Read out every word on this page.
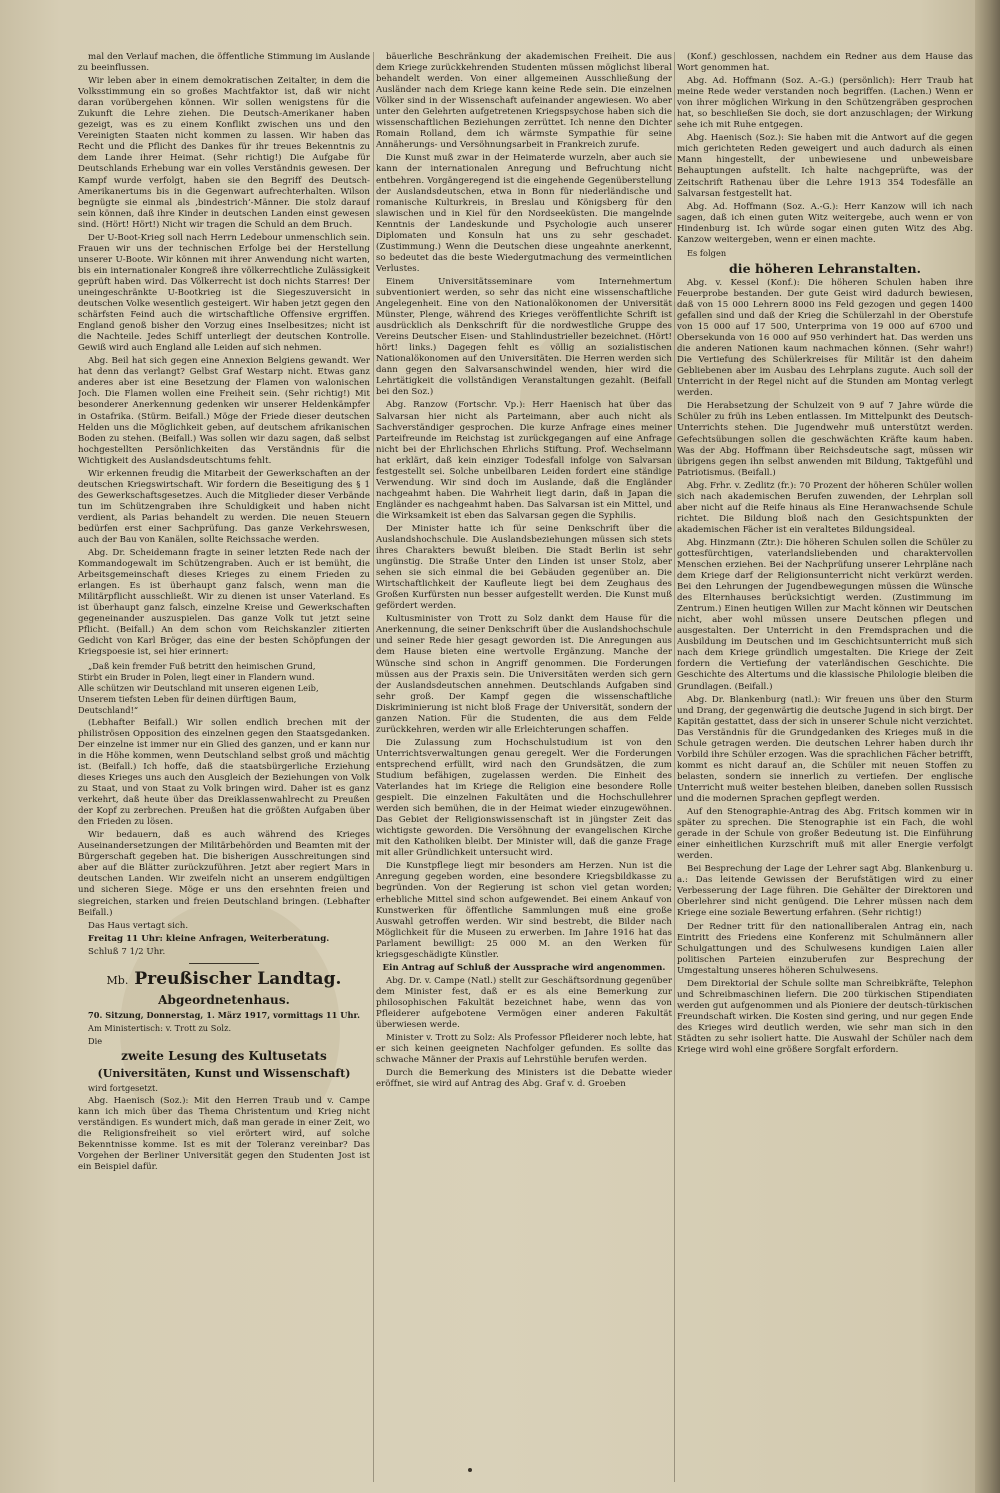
mal den Verlauf machen, die öffentliche Stimmung im Auslande zu beeinflussen.

Wir leben aber in einem demokratischen Zeitalter, in dem die Volksstimmung ein so großes Machtfaktor ist, daß wir nicht daran vorübergehen können. Wir sollen wenigstens für die Zukunft die Lehre ziehen. Die Deutsch-Amerikaner haben gezeigt, was es zu einem Konflikt zwischen uns und den Vereinigten Staaten nicht kommen zu lassen. Wir haben das Recht und die Pflicht des Dankes für ihr treues Bekenntnis zu dem Lande ihrer Heimat. (Sehr richtig!) Die Aufgabe für Deutschlands Erhebung war ein volles Verständnis gewesen. Der Kampf wurde verfolgt, haben sie den Begriff des Deutsch-Amerikanertums bis in die Gegenwart aufrechterhalten. Wilson begnügte sie einmal als ‚bindestrich‘-Männer. Die stolz darauf sein können, daß ihre Kinder in deutschen Landen einst gewesen sind. (Hört! Hört!) Nicht wir tragen die Schuld an dem Bruch.

Der U-Boot-Krieg soll nach Herrn Ledebour unmenschlich sein. Frauen wir uns der technischen Erfolge bei der Herstellung unserer U-Boote. Wir können mit ihrer Anwendung nicht warten, bis ein internationaler Kongreß ihre völkerrechtliche Zulässigkeit geprüft haben wird. Das Völkerrecht ist doch nichts Starres! Der uneingeschränkte U-Bootkrieg ist die Siegeszuversicht in deutschen Volke wesentlich gesteigert. Wir haben jetzt gegen den schärfsten Feind auch die wirtschaftliche Offensive ergriffen. England genoß bisher den Vorzug eines Inselbesitzes; nicht ist die Nachteile. Jedes Schiff unterliegt der deutschen Kontrolle. Gewiß wird auch England alle Leiden auf sich nehmen.

Abg. Beil hat sich gegen eine Annexion Belgiens gewandt. Wer hat denn das verlangt? Gelbst Graf Westarp nicht. Etwas ganz anderes aber ist eine Besetzung der Flamen von walonischen Joch. Die Flamen wollen eine Freiheit sein. (Sehr richtig!) Mit besonderer Anerkennung gedenken wir unserer Heldenkämpfer in Ostafrika. (Stürm. Beifall.) Möge der Friede dieser deutschen Helden uns die Möglichkeit geben, auf deutschem afrikanischen Boden zu stehen. (Beifall.) Was sollen wir dazu sagen, daß selbst hochgestellten Persönlichkeiten das Verständnis für die Wichtigkeit des Auslandsdeutschtums fehlt.

Wir erkennen freudig die Mitarbeit der Gewerkschaften an der deutschen Kriegswirtschaft. Wir fordern die Beseitigung des § 1 des Gewerkschaftsgesetzes. Auch die Mitglieder dieser Verbände tun im Schützengraben ihre Schuldigkeit und haben nicht verdient, als Parias behandelt zu werden. Die neuen Steuern bedürfen erst einer Sachprüfung. Das ganze Verkehrswesen, auch der Bau von Kanälen, sollte Reichssache werden.

Abg. Dr. Scheidemann fragte in seiner letzten Rede nach der Kommandogewalt im Schützengraben. Auch er ist bemüht, die Arbeitsgemeinschaft dieses Krieges zu einem Frieden zu erlangen. Es ist überhaupt ganz falsch, wenn man die Militärpflicht ausschließt. Wir zu dienen ist unser Vaterland. Es ist überhaupt ganz falsch, einzelne Kreise und Gewerkschaften gegeneinander auszuspielen. Das ganze Volk tut jetzt seine Pflicht. (Beifall.) An dem schon vom Reichskanzler zitierten Gedicht von Karl Bröger, das eine der besten Schöpfungen der Kriegspoesie ist, sei hier erinnert:

„Daß kein fremder Fuß betritt den heimischen Grund,
Stirbt ein Bruder in Polen, liegt einer in Flandern wund.
Alle schützen wir Deutschland mit unseren eigenen Leib,
Unserem tiefsten Leben für deinen dürftigen Baum,
Deutschland!“

(Lebhafter Beifall.) Wir sollen endlich brechen mit der philiströsen Opposition des einzelnen gegen den Staatsgedanken. Der einzelne ist immer nur ein Glied des ganzen, und er kann nur in die Höhe kommen, wenn Deutschland selbst groß und mächtig ist. (Beifall.) Ich hoffe, daß die staatsbürgerliche Erziehung dieses Krieges uns auch den Ausgleich der Beziehungen von Volk zu Staat, und von Staat zu Volk bringen wird. Daher ist es ganz verkehrt, daß heute über das Dreiklassenwahlrecht zu Preußen der Kopf zu zerbrechen. Preußen hat die größten Aufgaben über den Frieden zu lösen.

Wir bedauern, daß es auch während des Krieges Auseinandersetzungen der Militärbehörden und Beamten mit der Bürgerschaft gegeben hat. Die bisherigen Ausschreitungen sind aber auf die Blätter zurückzuführen. Jetzt aber regiert Mars in deutschen Landen. Wir zweifeln nicht an unserem endgültigen und sicheren Siege. Möge er uns den ersehnten freien und siegreichen, starken und freien Deutschland bringen. (Lebhafter Beifall.)

Das Haus vertagt sich.

Freitag 11 Uhr: kleine Anfragen, Weiterberatung.

Schluß 7 1/2 Uhr.

Mb. Preußischer Landtag.

Abgeordnetenhaus.

70. Sitzung, Donnerstag, 1. März 1917, vormittags 11 Uhr.

Am Ministertisch: v. Trott zu Solz.

Die

zweite Lesung des Kultusetats

(Universitäten, Kunst und Wissenschaft)

wird fortgesetzt.

Abg. Haenisch (Soz.): Mit den Herren Traub und v. Campe kann ich mich über das Thema Christentum und Krieg nicht verständigen. Es wundert mich, daß man gerade in einer Zeit, wo die Religionsfreiheit so viel erörtert wird, auf solche Bekenntnisse komme. Ist es mit der Toleranz vereinbar? Das Vorgehen der Berliner Universität gegen den Studenten Jost ist ein Beispiel dafür.

bäuerliche Beschränkung der akademischen Freiheit. Die aus dem Kriege zurückkehrenden Studenten müssen möglichst liberal behandelt werden. Von einer allgemeinen Ausschließung der Ausländer nach dem Kriege kann keine Rede sein. Die einzelnen Völker sind in der Wissenschaft aufeinander angewiesen. Wo aber unter den Gelehrten aufgetretenen Kriegspsychose haben sich die wissenschaftlichen Beziehungen zerrüttet. Ich nenne den Dichter Romain Rolland, dem ich wärmste Sympathie für seine Annäherungs- und Versöhnungsarbeit in Frankreich zurufe.

Die Kunst muß zwar in der Heimaterde wurzeln, aber auch sie kann der internationalen Anregung und Befruchtung nicht entbehren. Vorgängeregend ist die eingehende Gegenüberstellung der Auslandsdeutschen, etwa in Bonn für niederländische und romanische Kulturkreis, in Breslau und Königsberg für den slawischen und in Kiel für den Nordseeküsten. Die mangelnde Kenntnis der Landeskunde und Psychologie auch unserer Diplomaten und Konsuln hat uns zu sehr geschadet. (Zustimmung.) Wenn die Deutschen diese ungeahnte anerkennt, so bedeutet das die beste Wiedergutmachung des vermeintlichen Verlustes.

Einem Universitätsseminare vom Internehmertum subventioniert werden, so sehr das nicht eine wissenschaftliche Angelegenheit. Eine von den Nationalökonomen der Universität Münster, Plenge, während des Krieges veröffentlichte Schrift ist ausdrücklich als Denkschrift für die nordwestliche Gruppe des Vereins Deutscher Eisen- und Stahlindustrieller bezeichnet. (Hört! hört! links.) Dagegen fehlt es völlig an sozialistischen Nationalökonomen auf den Universitäten. Die Herren werden sich dann gegen den Salvarsanschwindel wenden, hier wird die Lehrtätigkeit die vollständigen Veranstaltungen gezahlt. (Beifall bei den Soz.)

Abg. Ranzow (Fortschr. Vp.): Herr Haenisch hat über das Salvarsan hier nicht als Parteimann, aber auch nicht als Sachverständiger gesprochen. Die kurze Anfrage eines meiner Parteifreunde im Reichstag ist zurückgegangen auf eine Anfrage nicht bei der Ehrlichschen Ehrlichs Stiftung. Prof. Wechselmann hat erklärt, daß kein einziger Todesfall infolge von Salvarsan festgestellt sei. Solche unbeilbaren Leiden fordert eine ständige Verwendung. Wir sind doch im Auslande, daß die Engländer nachgeahmt haben. Die Wahrheit liegt darin, daß in Japan die Engländer es nachgeahmt haben. Das Salvarsan ist ein Mittel, und die Wirksamkeit ist eben das Salvarsan gegen die Syphilis.

Der Minister hatte ich für seine Denkschrift über die Auslandshochschule. Die Auslandsbeziehungen müssen sich stets ihres Charakters bewußt bleiben. Die Stadt Berlin ist sehr ungünstig. Die Straße Unter den Linden ist unser Stolz, aber sehen sie sich einmal die bei Gebäuden gegenüber an. Die Wirtschaftlichkeit der Kaufleute liegt bei dem Zeughaus des Großen Kurfürsten nun besser aufgestellt werden. Die Kunst muß gefördert werden.

Kultusminister von Trott zu Solz dankt dem Hause für die Anerkennung, die seiner Denkschrift über die Auslandshochschule und seiner Rede hier gesagt geworden ist. Die Anregungen aus dem Hause bieten eine wertvolle Ergänzung. Manche der Wünsche sind schon in Angriff genommen. Die Forderungen müssen aus der Praxis sein. Die Universitäten werden sich gern der Auslandsdeutschen annehmen. Deutschlands Aufgaben sind sehr groß. Der Kampf gegen die wissenschaftliche Diskriminierung ist nicht bloß Frage der Universität, sondern der ganzen Nation. Für die Studenten, die aus dem Felde zurückkehren, werden wir alle Erleichterungen schaffen.

Die Zulassung zum Hochschulstudium ist von den Unterrichtsverwaltungen genau geregelt. Wer die Forderungen entsprechend erfüllt, wird nach den Grundsätzen, die zum Studium befähigen, zugelassen werden. Die Einheit des Vaterlandes hat im Kriege die Religion eine besondere Rolle gespielt. Die einzelnen Fakultäten und die Hochschullehrer werden sich bemühen, die in der Heimat wieder einzugewöhnen. Das Gebiet der Religionswissenschaft ist in jüngster Zeit das wichtigste geworden. Die Versöhnung der evangelischen Kirche mit den Katholiken bleibt. Der Minister will, daß die ganze Frage mit aller Gründlichkeit untersucht wird.

Die Kunstpflege liegt mir besonders am Herzen. Nun ist die Anregung gegeben worden, eine besondere Kriegsbildkasse zu begründen. Von der Regierung ist schon viel getan worden; erhebliche Mittel sind schon aufgewendet. Bei einem Ankauf von Kunstwerken für öffentliche Sammlungen muß eine große Auswahl getroffen werden. Wir sind bestrebt, die Bilder nach Möglichkeit für die Museen zu erwerben. Im Jahre 1916 hat das Parlament bewilligt: 25 000 M. an den Werken für kriegsgeschädigte Künstler.

Ein Antrag auf Schluß der Aussprache wird angenommen.

Abg. Dr. v. Campe (Natl.) stellt zur Geschäftsordnung gegenüber dem Minister fest, daß er es als eine Bemerkung zur philosophischen Fakultät bezeichnet habe, wenn das von Pfleiderer aufgebotene Vermögen einer anderen Fakultät überwiesen werde.

Minister v. Trott zu Solz: Als Professor Pfleiderer noch lebte, hat er sich keinen geeigneten Nachfolger gefunden. Es sollte das schwache Männer der Praxis auf Lehrstühle berufen werden.

Durch die Bemerkung des Ministers ist die Debatte wieder eröffnet, sie wird auf Antrag des Abg. Graf v. d. Groeben

(Konf.) geschlossen, nachdem ein Redner aus dem Hause das Wort genommen hat.

Abg. Ad. Hoffmann (Soz. A.-G.) (persönlich): Herr Traub hat meine Rede weder verstanden noch begriffen. (Lachen.) Wenn er von ihrer möglichen Wirkung in den Schützengräben gesprochen hat, so beschließen Sie doch, sie dort anzuschlagen; der Wirkung sehe ich mit Ruhe entgegen.

Abg. Haenisch (Soz.): Sie haben mit die Antwort auf die gegen mich gerichteten Reden geweigert und auch dadurch als einen Mann hingestellt, der unbewiesene und unbeweisbare Behauptungen aufstellt. Ich halte nachgeprüfte, was der Zeitschrift Rathenau über die Lehre 1913 354 Todesfälle an Salvarsan festgestellt hat.

Abg. Ad. Hoffmann (Soz. A.-G.): Herr Kanzow will ich nach sagen, daß ich einen guten Witz weitergebe, auch wenn er von Hindenburg ist. Ich würde sogar einen guten Witz des Abg. Kanzow weitergeben, wenn er einen machte.

Es folgen

die höheren Lehranstalten.

Abg. v. Kessel (Konf.): Die höheren Schulen haben ihre Feuerprobe bestanden. Der gute Geist wird dadurch bewiesen, daß von 15 000 Lehrern 8000 ins Feld gezogen und gegen 1400 gefallen sind und daß der Krieg die Schülerzahl in der Oberstufe von 15 000 auf 17 500, Unterprima von 19 000 auf 6700 und Obersekunda von 16 000 auf 950 verhindert hat. Das werden uns die anderen Nationen kaum nachmachen können. (Sehr wahr!) Die Vertiefung des Schülerkreises für Militär ist den daheim Gebliebenen aber im Ausbau des Lehrplans zugute. Auch soll der Unterricht in der Regel nicht auf die Stunden am Montag verlegt werden.

Die Herabsetzung der Schulzeit von 9 auf 7 Jahre würde die Schüler zu früh ins Leben entlassen. Im Mittelpunkt des Deutsch-Unterrichts stehen. Die Jugendwehr muß unterstützt werden. Gefechtsübungen sollen die geschwächten Kräfte kaum haben. Was der Abg. Hoffmann über Reichsdeutsche sagt, müssen wir übrigens gegen ihn selbst anwenden mit Bildung, Taktgefühl und Patriotismus. (Beifall.)

Abg. Frhr. v. Zedlitz (fr.): 70 Prozent der höheren Schüler wollen sich nach akademischen Berufen zuwenden, der Lehrplan soll aber nicht auf die Reife hinaus als Eine Heranwachsende Schule richtet. Die Bildung bloß nach den Gesichtspunkten der akademischen Fächer ist ein veraltetes Bildungsideal.

Abg. Hinzmann (Ztr.): Die höheren Schulen sollen die Schüler zu gottesfürchtigen, vaterlandsliebenden und charaktervollen Menschen erziehen. Bei der Nachprüfung unserer Lehrpläne nach dem Kriege darf der Religionsunterricht nicht verkürzt werden. Bei den Lehrungen der Jugendbewegungen müssen die Wünsche des Elternhauses berücksichtigt werden. (Zustimmung im Zentrum.) Einen heutigen Willen zur Macht können wir Deutschen nicht, aber wohl müssen unsere Deutschen pflegen und ausgestalten. Der Unterricht in den Fremdsprachen und die Ausbildung im Deutschen und im Geschichtsunterricht muß sich nach dem Kriege gründlich umgestalten. Die Kriege der Zeit fordern die Vertiefung der vaterländischen Geschichte. Die Geschichte des Altertums und die klassische Philologie bleiben die Grundlagen. (Beifall.)

Abg. Dr. Blankenburg (natl.): Wir freuen uns über den Sturm und Drang, der gegenwärtig die deutsche Jugend in sich birgt. Der Kapitän gestattet, dass der sich in unserer Schule nicht verzichtet. Das Verständnis für die Grundgedanken des Krieges muß in die Schule getragen werden. Die deutschen Lehrer haben durch ihr Vorbild ihre Schüler erzogen. Was die sprachlichen Fächer betrifft, kommt es nicht darauf an, die Schüler mit neuen Stoffen zu belasten, sondern sie innerlich zu vertiefen. Der englische Unterricht muß weiter bestehen bleiben, daneben sollen Russisch und die modernen Sprachen gepflegt werden.

Auf den Stenographie-Antrag des Abg. Fritsch kommen wir in später zu sprechen. Die Stenographie ist ein Fach, die wohl gerade in der Schule von großer Bedeutung ist. Die Einführung einer einheitlichen Kurzschrift muß mit aller Energie verfolgt werden.

Bei Besprechung der Lage der Lehrer sagt Abg. Blankenburg u. a.: Das leitende Gewissen der Berufstätigen wird zu einer Verbesserung der Lage führen. Die Gehälter der Direktoren und Oberlehrer sind nicht genügend. Die Lehrer müssen nach dem Kriege eine soziale Bewertung erfahren. (Sehr richtig!)

Der Redner tritt für den nationalliberalen Antrag ein, nach Eintritt des Friedens eine Konferenz mit Schulmännern aller Schulgattungen und des Schulwesens kundigen Laien aller politischen Parteien einzuberufen zur Besprechung der Umgestaltung unseres höheren Schulwesens.

Dem Direktorial der Schule sollte man Schreibkräfte, Telephon und Schreibmaschinen liefern. Die 200 türkischen Stipendiaten werden gut aufgenommen und als Pioniere der deutsch-türkischen Freundschaft wirken. Die Kosten sind gering, und nur gegen Ende des Krieges wird deutlich werden, wie sehr man sich in den Städten zu sehr isoliert hatte. Die Auswahl der Schüler nach dem Kriege wird wohl eine größere Sorgfalt erfordern.
